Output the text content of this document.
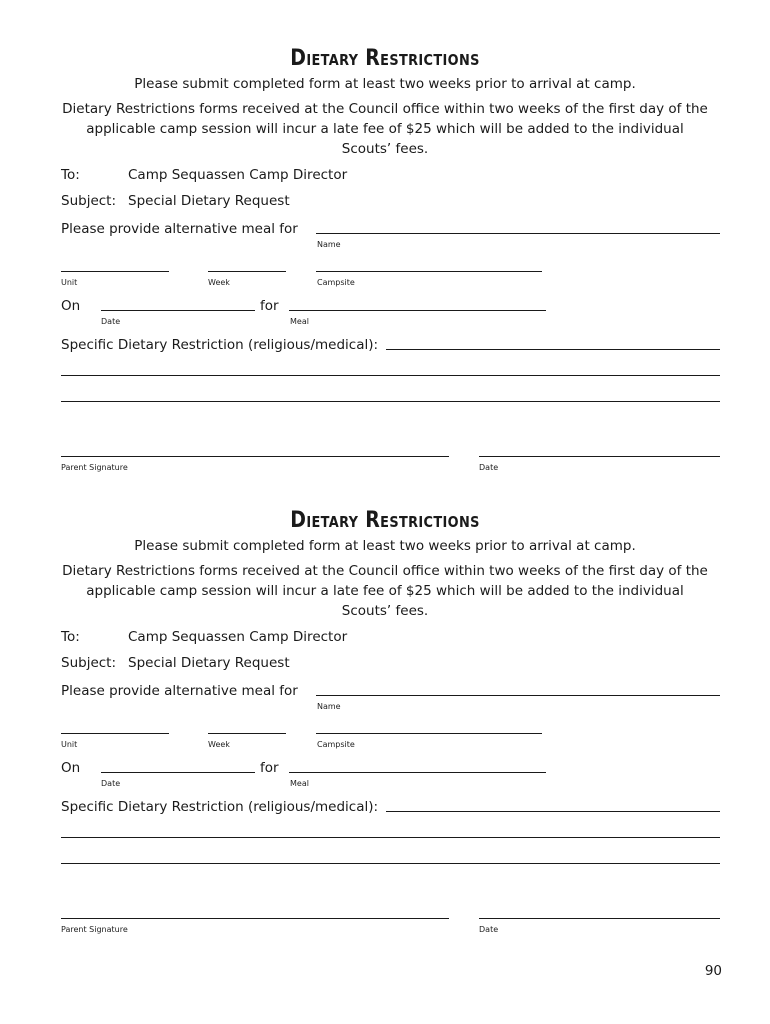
Dietary Restrictions
Please submit completed form at least two weeks prior to arrival at camp.
Dietary Restrictions forms received at the Council office within two weeks of the first day of the
applicable camp session will incur a late fee of $25 which will be added to the individual
Scouts’ fees.
To:	Camp Sequassen Camp Director
Subject: Special Dietary Request
Please provide alternative meal for
Name
Unit	Week	Campsite
On	for
Date	Meal
Specific Dietary Restriction (religious/medical):
Parent Signature	Date
Dietary Restrictions
Please submit completed form at least two weeks prior to arrival at camp.
Dietary Restrictions forms received at the Council office within two weeks of the first day of the
applicable camp session will incur a late fee of $25 which will be added to the individual
Scouts’ fees.
To:	Camp Sequassen Camp Director
Subject: Special Dietary Request
Please provide alternative meal for
Name
Unit	Week	Campsite
On	for
Date	Meal
Specific Dietary Restriction (religious/medical):
Parent Signature	Date
90
